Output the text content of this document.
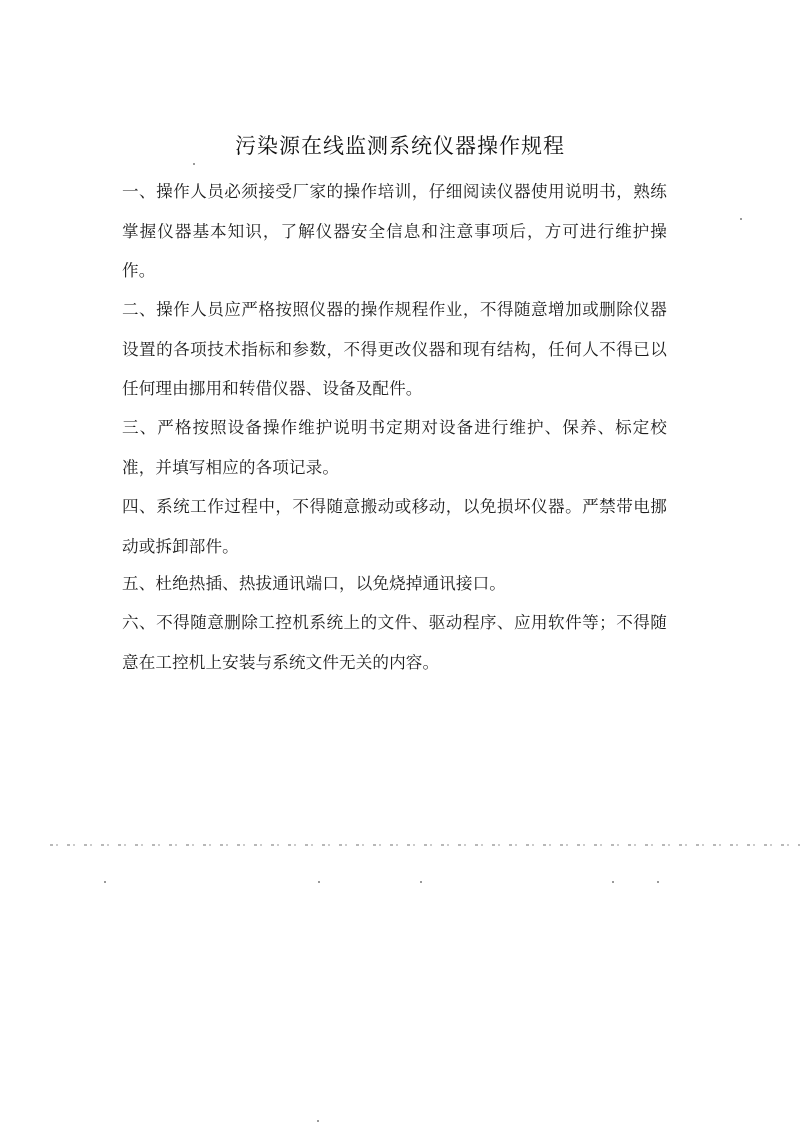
污染源在线监测系统仪器操作规程

一、操作人员必须接受厂家的操作培训，仔细阅读仪器使用说明书，熟练掌握仪器基本知识，了解仪器安全信息和注意事项后，方可进行维护操作。

二、操作人员应严格按照仪器的操作规程作业，不得随意增加或删除仪器设置的各项技术指标和参数，不得更改仪器和现有结构，任何人不得已以任何理由挪用和转借仪器、设备及配件。

三、严格按照设备操作维护说明书定期对设备进行维护、保养、标定校准，并填写相应的各项记录。

四、系统工作过程中，不得随意搬动或移动，以免损坏仪器。严禁带电挪动或拆卸部件。

五、杜绝热插、热拔通讯端口，以免烧掉通讯接口。

六、不得随意删除工控机系统上的文件、驱动程序、应用软件等；不得随意在工控机上安装与系统文件无关的内容。
